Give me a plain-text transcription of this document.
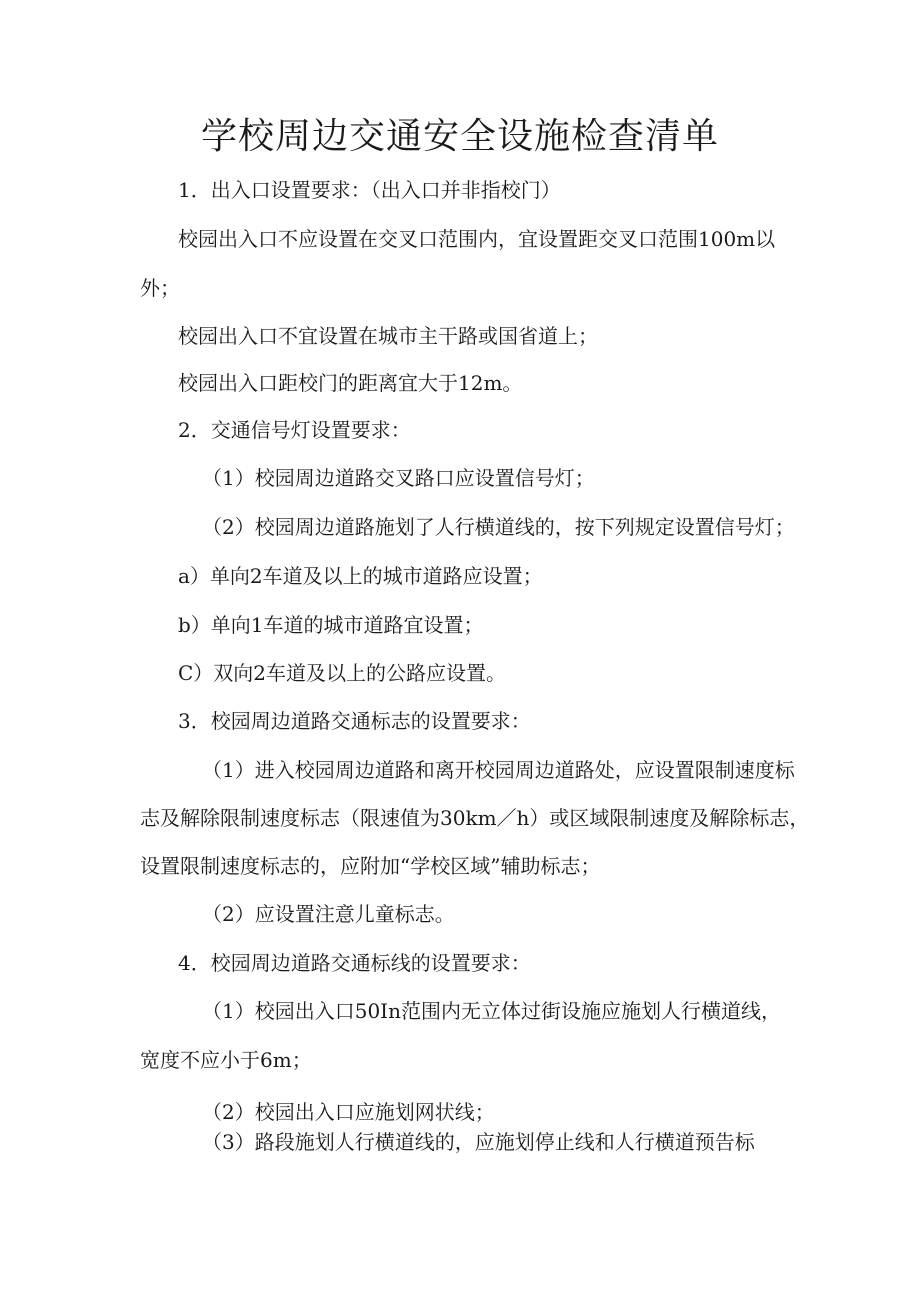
学校周边交通安全设施检查清单
1．出入口设置要求：（出入口并非指校门）
校园出入口不应设置在交叉口范围内，宜设置距交叉口范围100m以
外；
校园出入口不宜设置在城市主干路或国省道上；
校园出入口距校门的距离宜大于12m。
2．交通信号灯设置要求：
（1）校园周边道路交叉路口应设置信号灯；
（2）校园周边道路施划了人行横道线的，按下列规定设置信号灯；
a）单向2车道及以上的城市道路应设置；
b）单向1车道的城市道路宜设置；
C）双向2车道及以上的公路应设置。
3．校园周边道路交通标志的设置要求：
（1）进入校园周边道路和离开校园周边道路处，应设置限制速度标
志及解除限制速度标志（限速值为30km／h）或区域限制速度及解除标志，
设置限制速度标志的，应附加“学校区域”辅助标志；
（2）应设置注意儿童标志。
4．校园周边道路交通标线的设置要求：
（1）校园出入口50In范围内无立体过街设施应施划人行横道线，
宽度不应小于6m；
（2）校园出入口应施划网状线；
（3）路段施划人行横道线的，应施划停止线和人行横道预告标
